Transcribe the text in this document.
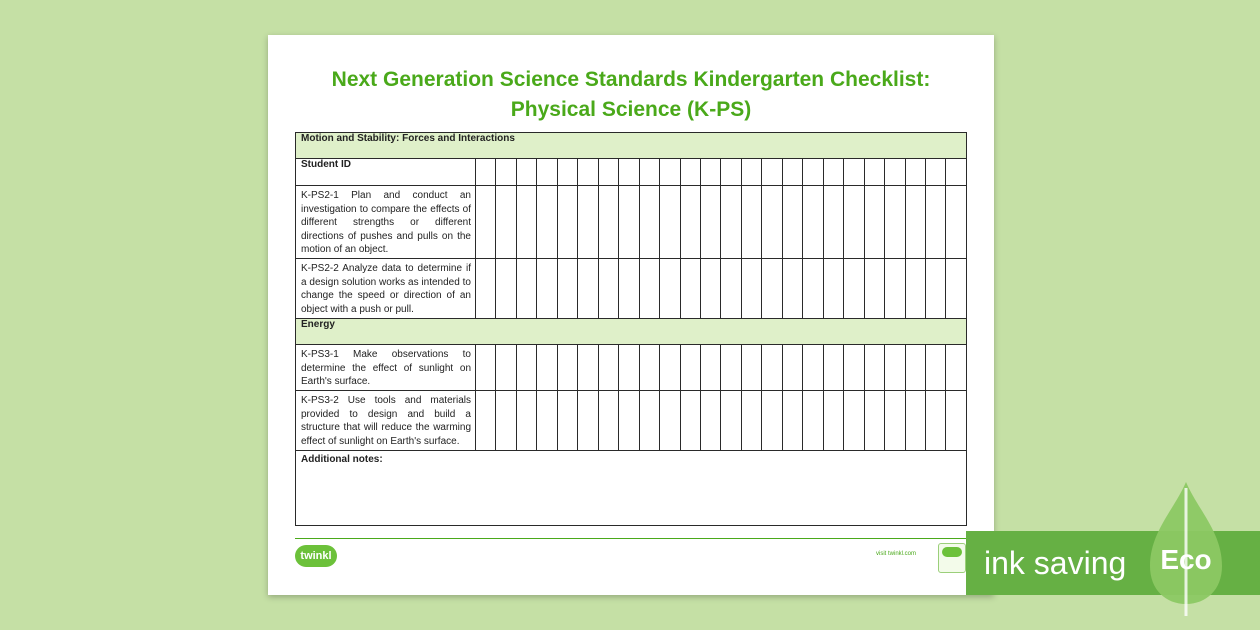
Next Generation Science Standards Kindergarten Checklist:
Physical Science (K-PS)
Motion and Stability: Forces and Interactions																								
Student ID																								
K-PS2-1 Plan and conduct an investigation to compare the effects of different strengths or different directions of pushes and pulls on the motion of an object.																								
K-PS2-2 Analyze data to determine if a design solution works as intended to change the speed or direction of an object with a push or pull.																								
Energy																								
K-PS3-1 Make observations to determine the effect of sunlight on Earth's surface.																								
K-PS3-2 Use tools and materials provided to design and build a structure that will reduce the warming effect of sunlight on Earth's surface.																								
Additional notes:																								
twinkl	visit twinkl.com ink saving Eco
